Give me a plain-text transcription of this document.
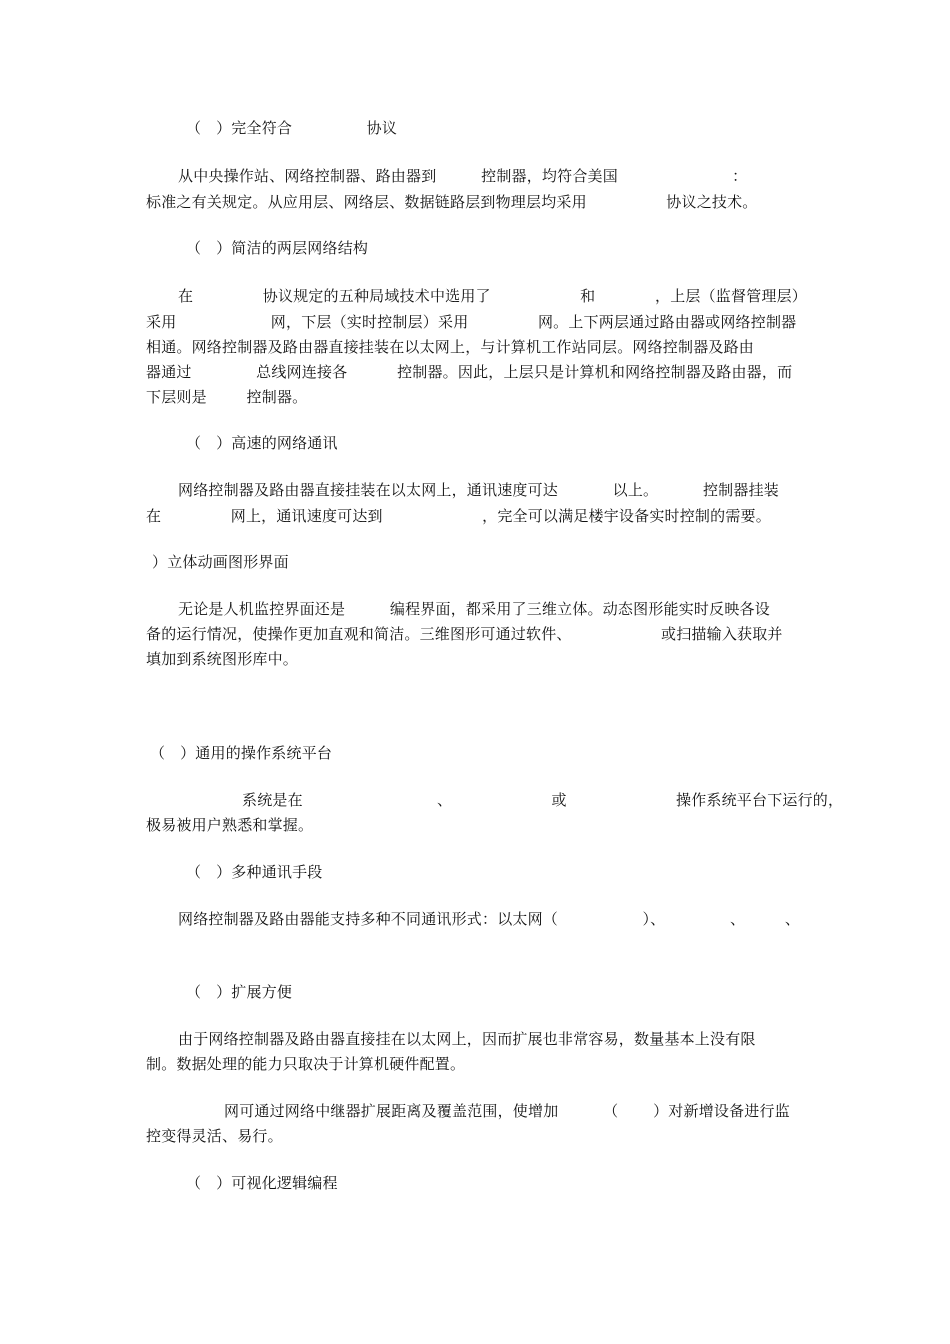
（   ）完全符合               协议
从中央操作站、网络控制器、路由器到         控制器，均符合美国                       ：
标准之有关规定。从应用层、网络层、数据链路层到物理层均采用                协议之技术。
（   ）简洁的两层网络结构
在              协议规定的五种局域技术中选用了                  和            ，上层（监督管理层）
采用                   网，下层（实时控制层）采用              网。上下两层通过路由器或网络控制器
相通。网络控制器及路由器直接挂装在以太网上，与计算机工作站同层。网络控制器及路由
器通过             总线网连接各          控制器。因此，上层只是计算机和网络控制器及路由器，而
下层则是        控制器。
（   ）高速的网络通讯
网络控制器及路由器直接挂装在以太网上，通讯速度可达           以上。         控制器挂装
在              网上，通讯速度可达到                    ，完全可以满足楼宇设备实时控制的需要。
）立体动画图形界面
无论是人机监控界面还是         编程界面，都采用了三维立体。动态图形能实时反映各设
备的运行情况，使操作更加直观和简洁。三维图形可通过软件、                  或扫描输入获取并
填加到系统图形库中。
（   ）通用的操作系统平台
系统是在                           、                    或                      操作系统平台下运行的，
极易被用户熟悉和掌握。
（   ）多种通讯手段
网络控制器及路由器能支持多种不同通讯形式：以太网（                 ）、             、        、
（   ）扩展方便
由于网络控制器及路由器直接挂在以太网上，因而扩展也非常容易，数量基本上没有限
制。数据处理的能力只取决于计算机硬件配置。
网可通过网络中继器扩展距离及覆盖范围，使增加         （       ）对新增设备进行监
控变得灵活、易行。
（   ）可视化逻辑编程
